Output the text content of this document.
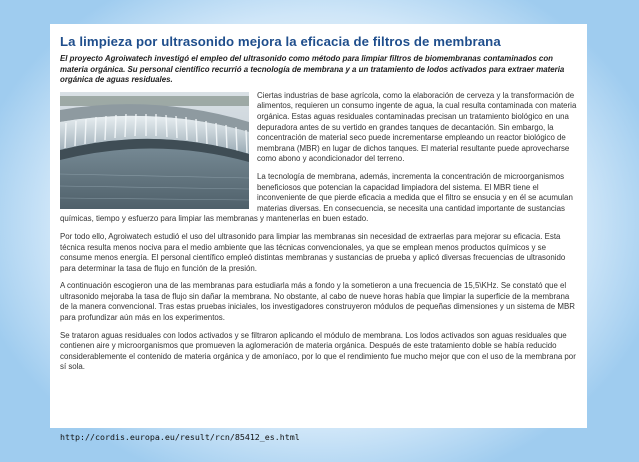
La limpieza por ultrasonido mejora la eficacia de filtros de membrana

El proyecto Agroiwatech investigó el empleo del ultrasonido como método para limpiar filtros de biomembranas contaminados con materia orgánica. Su personal científico recurrió a tecnología de membrana y a un tratamiento de lodos activados para extraer materia orgánica de aguas residuales.

Ciertas industrias de base agrícola, como la elaboración de cerveza y la transformación de alimentos, requieren un consumo ingente de agua, la cual resulta contaminada con materia orgánica. Estas aguas residuales contaminadas precisan un tratamiento biológico en una depuradora antes de su vertido en grandes tanques de decantación. Sin embargo, la concentración de material seco puede incrementarse empleando un reactor biológico de membrana (MBR) en lugar de dichos tanques. El material resultante puede aprovecharse como abono y acondicionador del terreno.

La tecnología de membrana, además, incrementa la concentración de microorganismos beneficiosos que potencian la capacidad limpiadora del sistema. El MBR tiene el inconveniente de que pierde eficacia a medida que el filtro se ensucia y en él se acumulan materias diversas. En consecuencia, se necesita una cantidad importante de sustancias químicas, tiempo y esfuerzo para limpiar las membranas y mantenerlas en buen estado.

Por todo ello, Agroiwatech estudió el uso del ultrasonido para limpiar las membranas sin necesidad de extraerlas para mejorar su eficacia. Esta técnica resulta menos nociva para el medio ambiente que las técnicas convencionales, ya que se emplean menos productos químicos y se consume menos energía. El personal científico empleó distintas membranas y sustancias de prueba y aplicó diversas frecuencias de ultrasonido para determinar la tasa de flujo en función de la presión.

A continuación escogieron una de las membranas para estudiarla más a fondo y la sometieron a una frecuencia de 15,5\KHz. Se constató que el ultrasonido mejoraba la tasa de flujo sin dañar la membrana. No obstante, al cabo de nueve horas había que limpiar la superficie de la membrana de la manera convencional. Tras estas pruebas iniciales, los investigadores construyeron módulos de pequeñas dimensiones y un sistema de MBR para profundizar aún más en los experimentos.

Se trataron aguas residuales con lodos activados y se filtraron aplicando el módulo de membrana. Los lodos activados son aguas residuales que contienen aire y microorganismos que promueven la aglomeración de materia orgánica. Después de este tratamiento doble se había reducido considerablemente el contenido de materia orgánica y de amoníaco, por lo que el rendimiento fue mucho mejor que con el uso de la membrana por sí sola.

http://cordis.europa.eu/result/rcn/85412_es.html
